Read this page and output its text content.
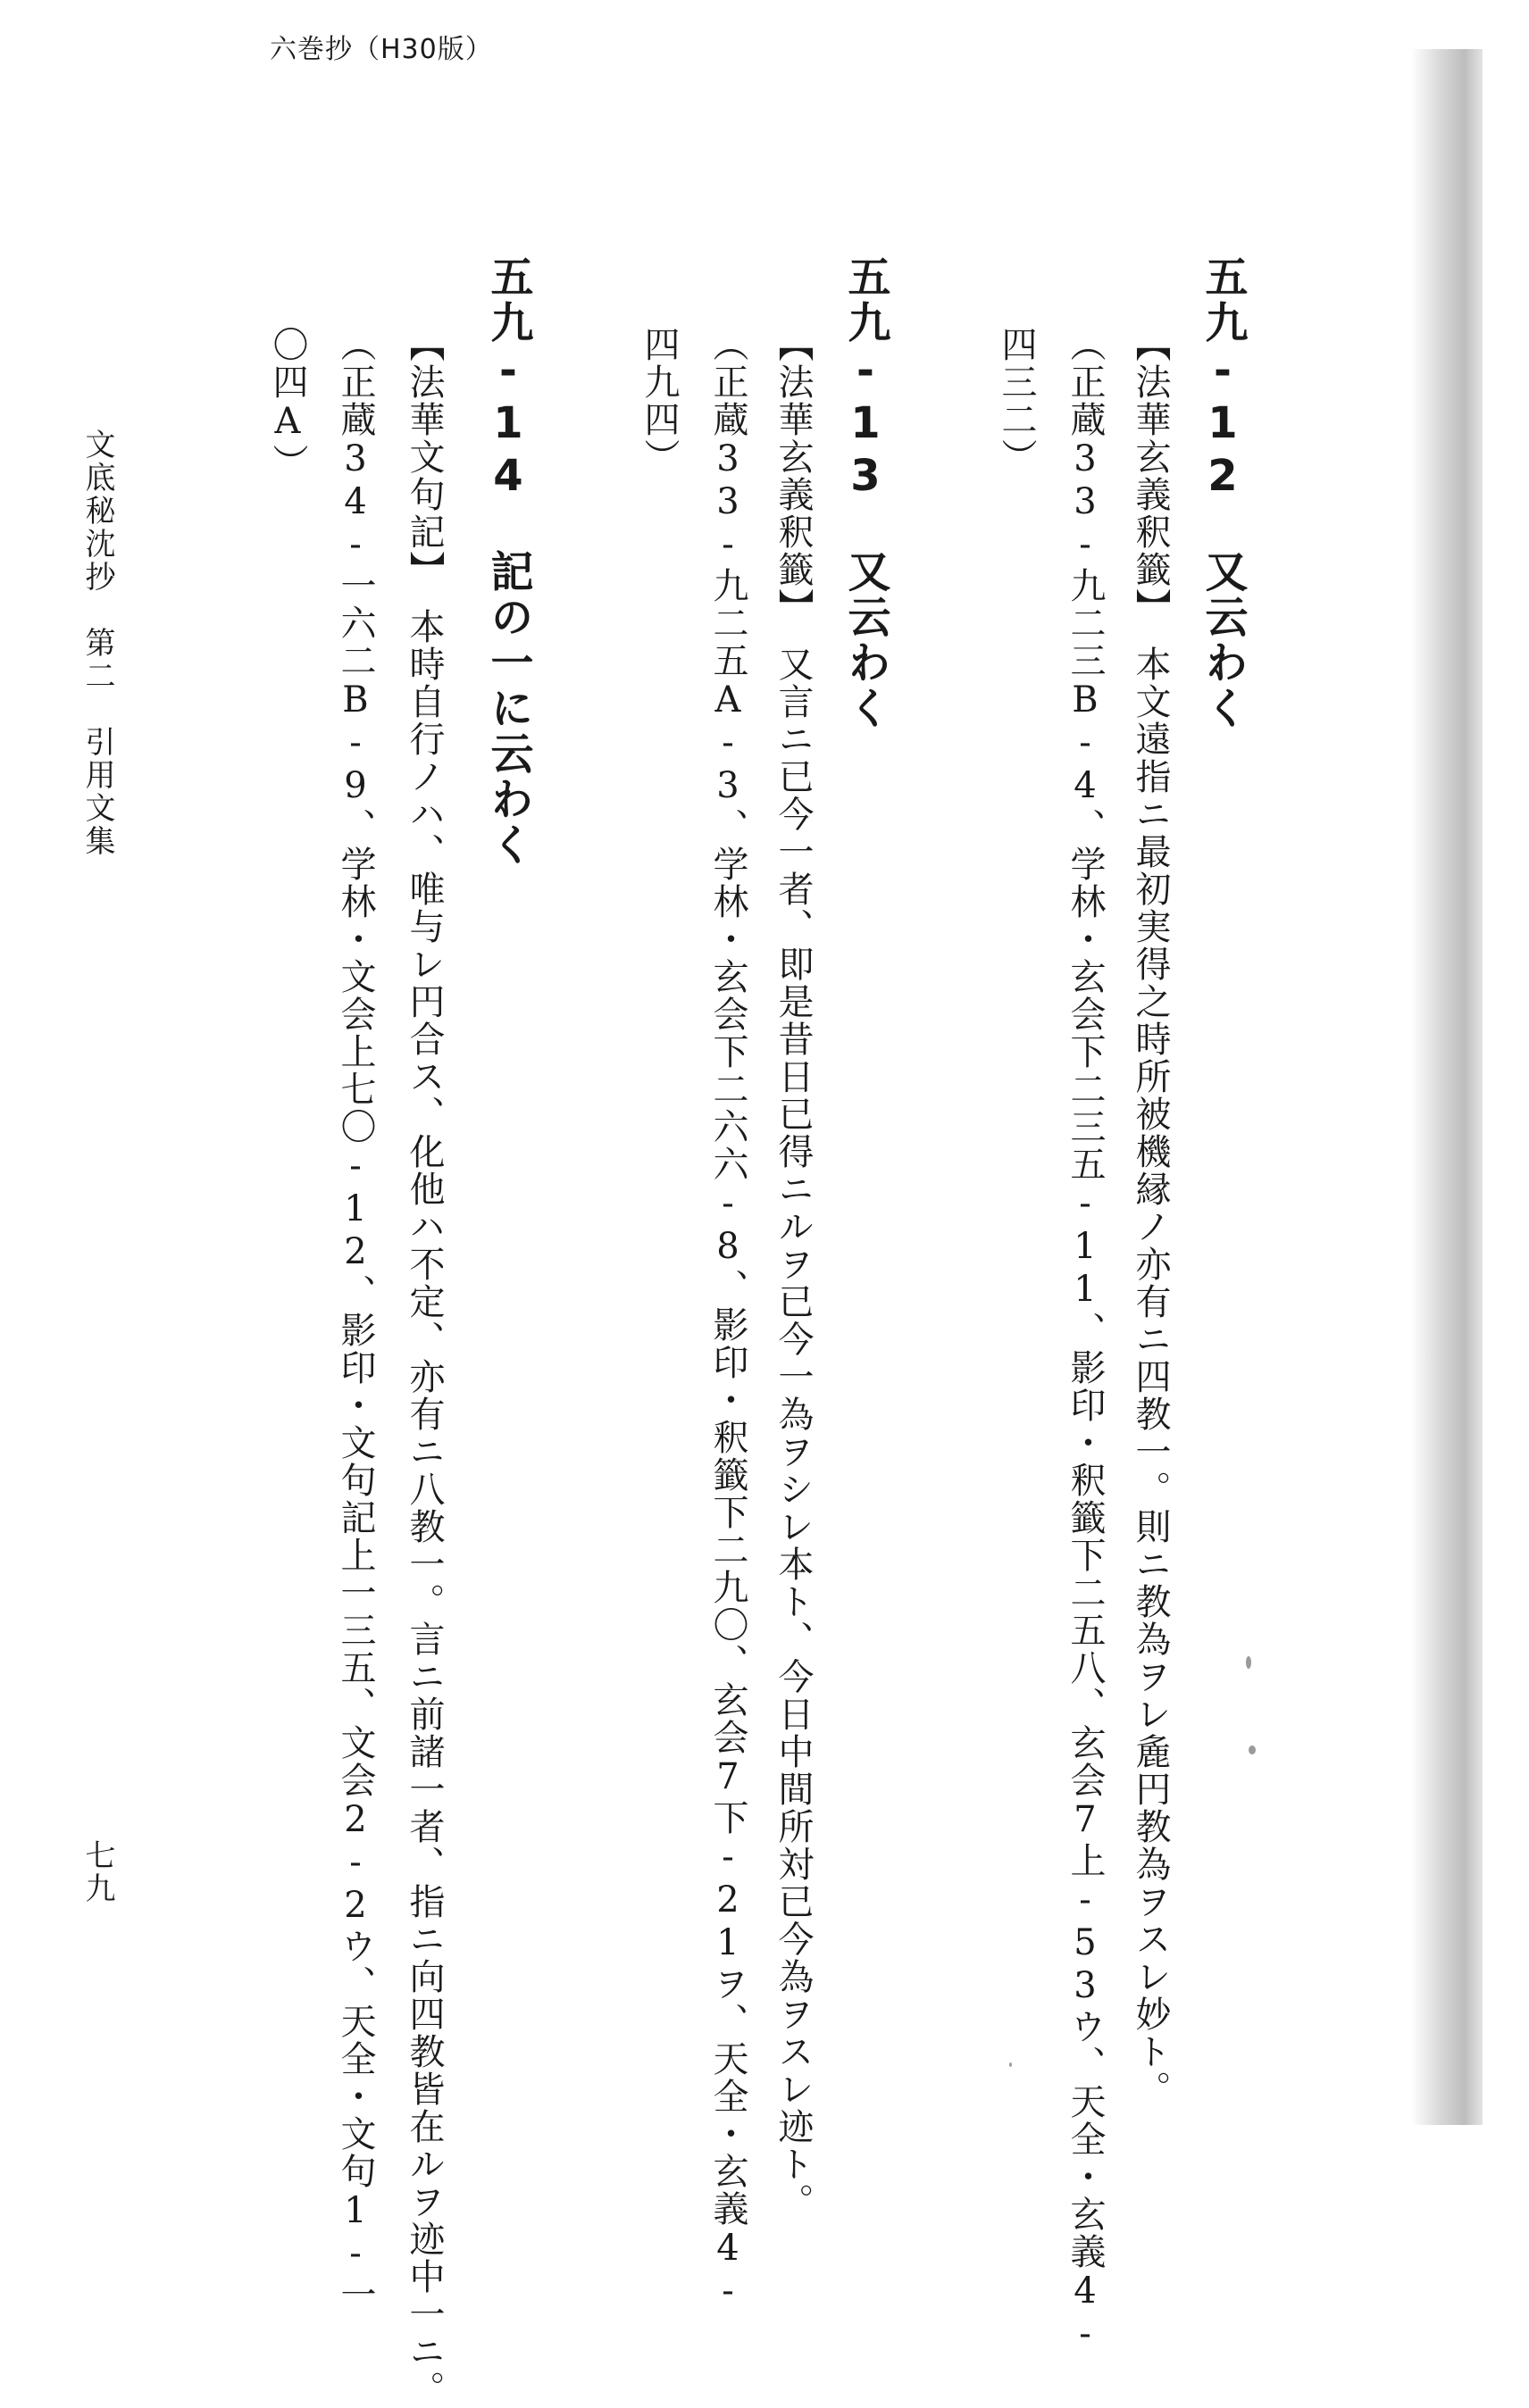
六巻抄（H30版）
五九‐12　又云わく
【法華玄義釈籤】　本文遠指ニ最初実得之時所被機縁ノ亦有ニ四教一。則ニ教為ヲレ麁円教為ヲスレ妙ト。
（正蔵33‐九二三B‐4、学林・玄会下二三五‐11、影印・釈籤下二五八、玄会7上‐53ウ、天全・玄義4‐
四三二）
五九‐13　又云わく
【法華玄義釈籤】　又言ニ已今一者、即是昔日已得ニルヲ已今一為ヲシレ本ト、今日中間所対已今為ヲスレ迹ト。
（正蔵33‐九二五A‐3、学林・玄会下二六六‐8、影印・釈籤下二九〇、玄会7下‐21ヲ、天全・玄義4‐
四九四）
五九‐14　記の一に云わく
【法華文句記】　本時自行ノハ、唯与レ円合ス、化他ハ不定、亦有ニ八教一。言ニ前諸一者、指ニ向四教皆在ルヲ迹中一ニ。
（正蔵34‐一六二B‐9、学林・文会上七〇‐12、影印・文句記上一三五、文会2‐2ウ、天全・文句1‐一
〇四A）
文底秘沈抄　第二　引用文集
七九
